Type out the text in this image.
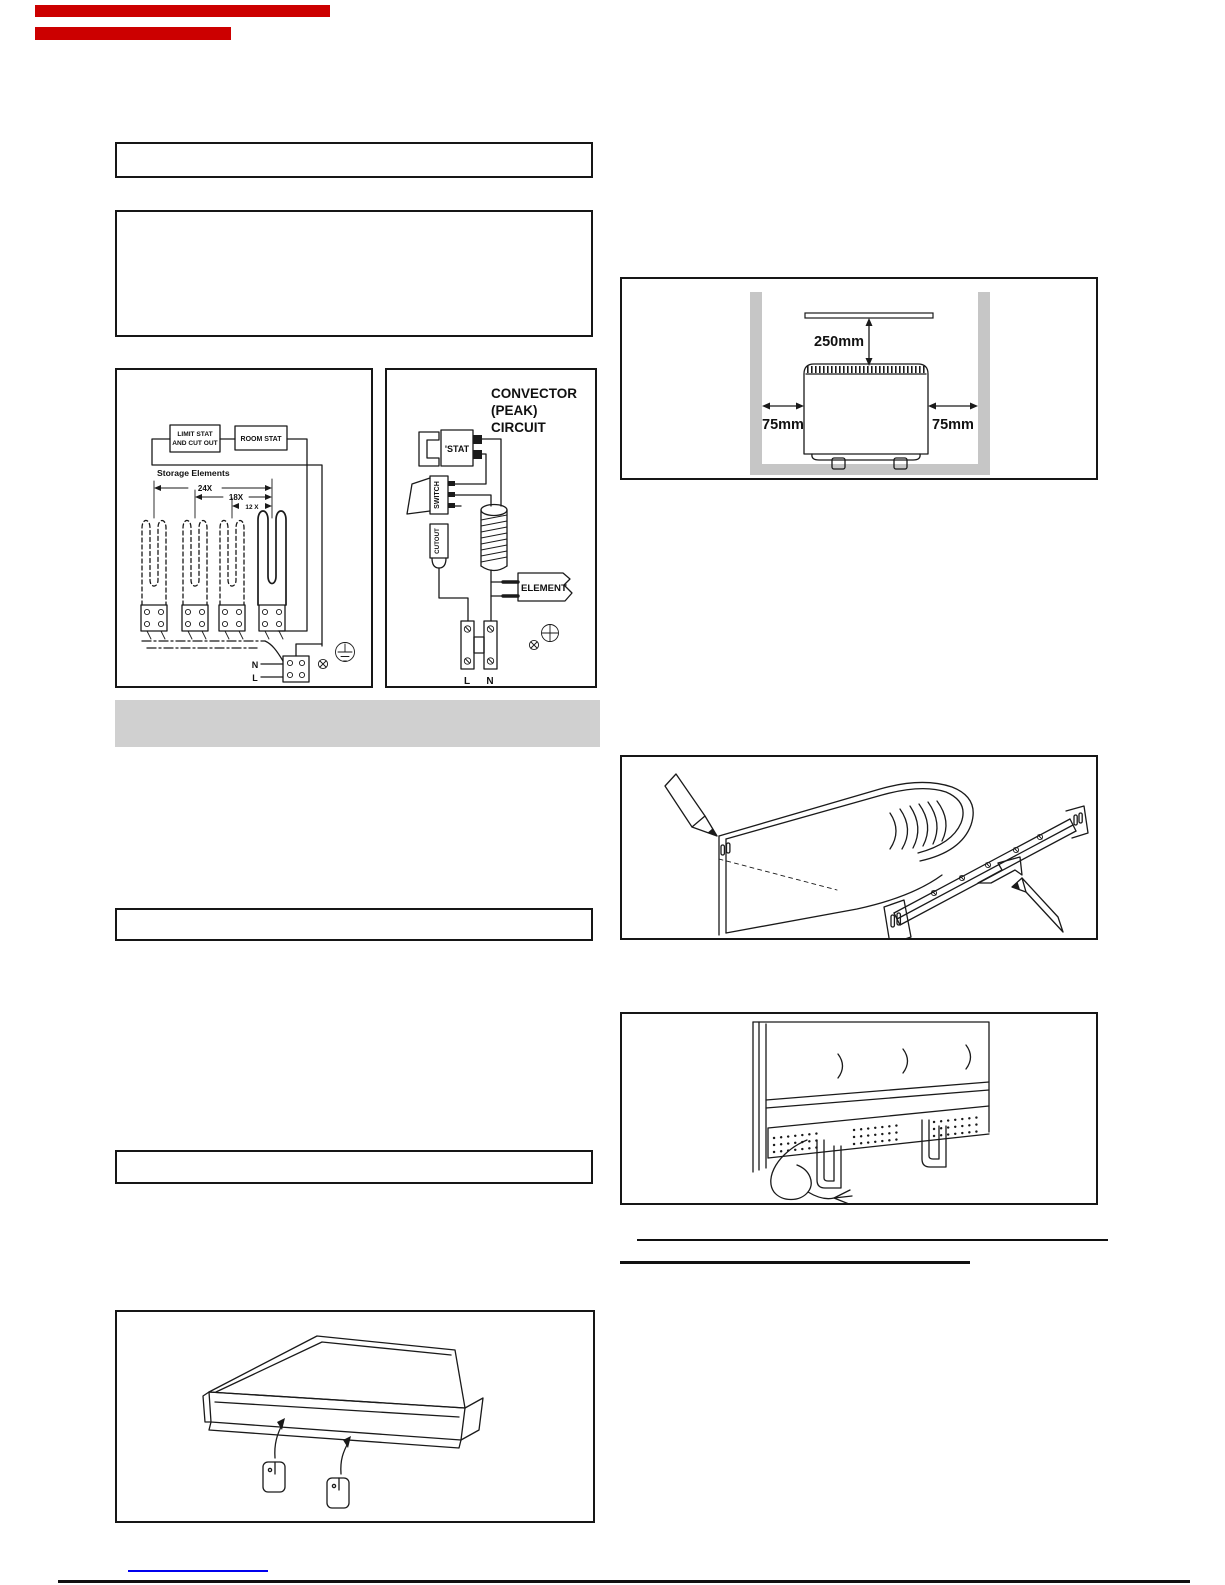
LIMIT STAT
AND CUT OUT
ROOM STAT
Storage Elements
24X
18X
12 X
N
L
CONVECTOR
(PEAK)
CIRCUIT
SWITCH
CUTOUT
'STAT
ELEMENT
L N
250mm
75mm	75mm
